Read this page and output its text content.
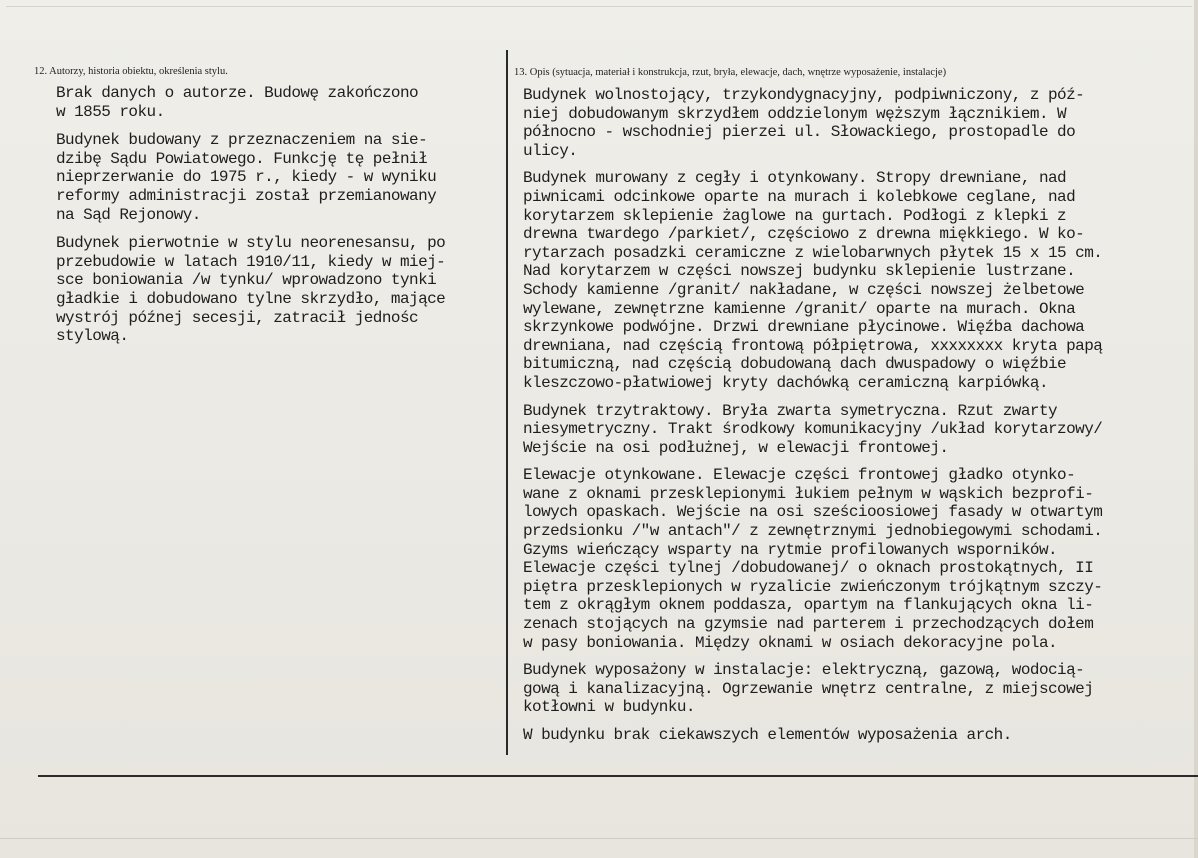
12. Autorzy, historia obiektu, określenia stylu.	13. Opis (sytuacja, materiał i konstrukcja, rzut, bryła, elewacje, dach, wnętrze wyposażenie, instalacje)

Brak danych o autorze. Budowę zakończono
w 1855 roku.

Budynek budowany z przeznaczeniem na sie-
dzibę Sądu Powiatowego. Funkcję tę pełnił
nieprzerwanie do 1975 r., kiedy - w wyniku
reformy administracji został przemianowany
na Sąd Rejonowy.

Budynek pierwotnie w stylu neorenesansu, po
przebudowie w latach 1910/11, kiedy w miej-
sce boniowania /w tynku/ wprowadzono tynki
gładkie i dobudowano tylne skrzydło, mające
wystrój późnej secesji, zatracił jednośc
stylową.

Budynek wolnostojący, trzykondygnacyjny, podpiwniczony, z póź-
niej dobudowanym skrzydłem oddzielonym węższym łącznikiem. W
północno - wschodniej pierzei ul. Słowackiego, prostopadle do
ulicy.

Budynek murowany z cegły i otynkowany. Stropy drewniane, nad
piwnicami odcinkowe oparte na murach i kolebkowe ceglane, nad
korytarzem sklepienie żaglowe na gurtach. Podłogi z klepki z
drewna twardego /parkiet/, częściowo z drewna miękkiego. W ko-
rytarzach posadzki ceramiczne z wielobarwnych płytek 15 x 15 cm.
Nad korytarzem w części nowszej budynku sklepienie lustrzane.
Schody kamienne /granit/ nakładane, w części nowszej żelbetowe
wylewane, zewnętrzne kamienne /granit/ oparte na murach. Okna
skrzynkowe podwójne. Drzwi drewniane płycinowe. Więźba dachowa
drewniana, nad częścią frontową półpiętrowa, xxxxxxxx kryta papą
bitumiczną, nad częścią dobudowaną dach dwuspadowy o więźbie
kleszczowo-płatwiowej kryty dachówką ceramiczną karpiówką.

Budynek trzytraktowy. Bryła zwarta symetryczna. Rzut zwarty
niesymetryczny. Trakt środkowy komunikacyjny /układ korytarzowy/
Wejście na osi podłużnej, w elewacji frontowej.

Elewacje otynkowane. Elewacje części frontowej gładko otynko-
wane z oknami przesklepionymi łukiem pełnym w wąskich bezprofi-
lowych opaskach. Wejście na osi sześcioosiowej fasady w otwartym
przedsionku /"w antach"/ z zewnętrznymi jednobiegowymi schodami.
Gzyms wieńczący wsparty na rytmie profilowanych wsporników.
Elewacje części tylnej /dobudowanej/ o oknach prostokątnych, II
piętra przesklepionych w ryzalicie zwieńczonym trójkątnym szczy-
tem z okrągłym oknem poddasza, opartym na flankujących okna li-
zenach stojących na gzymsie nad parterem i przechodzących dołem
w pasy boniowania. Między oknami w osiach dekoracyjne pola.

Budynek wyposażony w instalacje: elektryczną, gazową, wodocią-
gową i kanalizacyjną. Ogrzewanie wnętrz centralne, z miejscowej
kotłowni w budynku.

W budynku brak ciekawszych elementów wyposażenia arch.
